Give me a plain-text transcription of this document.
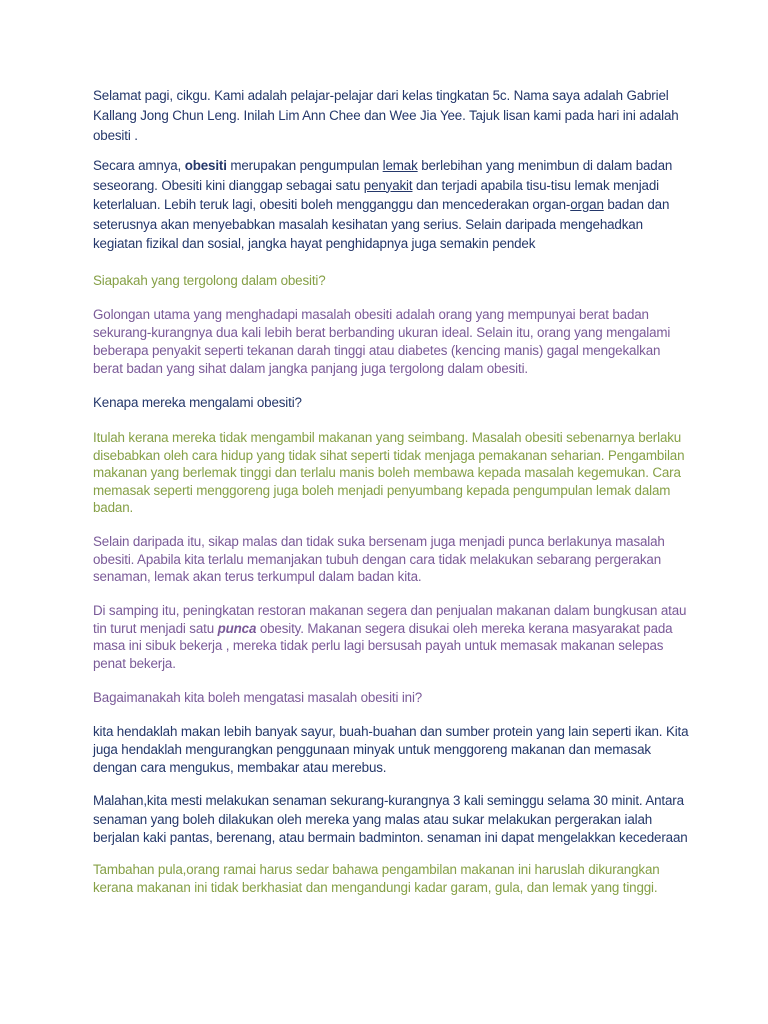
Selamat pagi, cikgu. Kami adalah pelajar-pelajar dari kelas tingkatan 5c. Nama saya adalah Gabriel
Kallang Jong Chun Leng. Inilah Lim Ann Chee dan Wee Jia Yee. Tajuk lisan kami pada hari ini adalah
obesiti .
Secara amnya, obesiti merupakan pengumpulan lemak berlebihan yang menimbun di dalam badan
seseorang. Obesiti kini dianggap sebagai satu penyakit dan terjadi apabila tisu-tisu lemak menjadi
keterlaluan. Lebih teruk lagi, obesiti boleh mengganggu dan mencederakan organ-organ badan dan
seterusnya akan menyebabkan masalah kesihatan yang serius. Selain daripada mengehadkan
kegiatan fizikal dan sosial, jangka hayat penghidapnya juga semakin pendek
Siapakah yang tergolong dalam obesiti?
Golongan utama yang menghadapi masalah obesiti adalah orang yang mempunyai berat badan
sekurang-kurangnya dua kali lebih berat berbanding ukuran ideal. Selain itu, orang yang mengalami
beberapa penyakit seperti tekanan darah tinggi atau diabetes (kencing manis) gagal mengekalkan
berat badan yang sihat dalam jangka panjang juga tergolong dalam obesiti.
Kenapa mereka mengalami obesiti?
Itulah kerana mereka tidak mengambil makanan yang seimbang. Masalah obesiti sebenarnya berlaku
disebabkan oleh cara hidup yang tidak sihat seperti tidak menjaga pemakanan seharian. Pengambilan
makanan yang berlemak tinggi dan terlalu manis boleh membawa kepada masalah kegemukan. Cara
memasak seperti menggoreng juga boleh menjadi penyumbang kepada pengumpulan lemak dalam
badan.
Selain daripada itu, sikap malas dan tidak suka bersenam juga menjadi punca berlakunya masalah
obesiti. Apabila kita terlalu memanjakan tubuh dengan cara tidak melakukan sebarang pergerakan
senaman, lemak akan terus terkumpul dalam badan kita.
Di samping itu, peningkatan restoran makanan segera dan penjualan makanan dalam bungkusan atau
tin turut menjadi satu punca obesity. Makanan segera disukai oleh mereka kerana masyarakat pada
masa ini sibuk bekerja , mereka tidak perlu lagi bersusah payah untuk memasak makanan selepas
penat bekerja.
Bagaimanakah kita boleh mengatasi masalah obesiti ini?
kita hendaklah makan lebih banyak sayur, buah-buahan dan sumber protein yang lain seperti ikan. Kita
juga hendaklah mengurangkan penggunaan minyak untuk menggoreng makanan dan memasak
dengan cara mengukus, membakar atau merebus.
Malahan,kita mesti melakukan senaman sekurang-kurangnya 3 kali seminggu selama 30 minit. Antara
senaman yang boleh dilakukan oleh mereka yang malas atau sukar melakukan pergerakan ialah
berjalan kaki pantas, berenang, atau bermain badminton. senaman ini dapat mengelakkan kecederaan
Tambahan pula,orang ramai harus sedar bahawa pengambilan makanan ini haruslah dikurangkan
kerana makanan ini tidak berkhasiat dan mengandungi kadar garam, gula, dan lemak yang tinggi.
